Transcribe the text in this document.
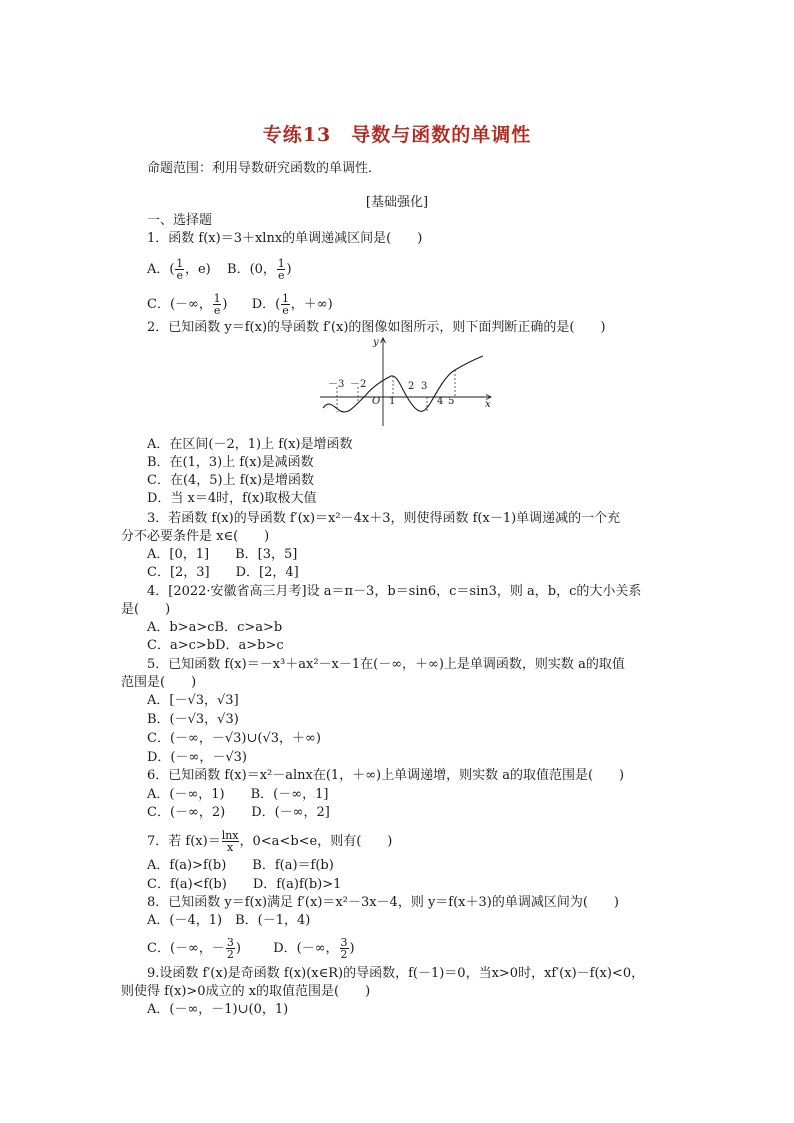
专练13　导数与函数的单调性
命题范围：利用导数研究函数的单调性．
[基础强化]
一、选择题
1．函数 f(x)＝3＋xlnx的单调递减区间是(　　)
A．( $\frac{1}{e}$ ，e) B．(0， $\frac{1}{e}$ )
C．(－∞， $\frac{1}{e}$ ) D．( $\frac{1}{e}$ ，＋∞)
2．已知函数 y＝f(x)的导函数 f′(x)的图像如图所示，则下面判断正确的是(　　)
y
x
O
－3 －2
1
2 3
4 5
A．在区间(－2，1)上 f(x)是增函数
B．在(1，3)上 f(x)是减函数
C．在(4，5)上 f(x)是增函数
D．当 x＝4时，f(x)取极大值
3．若函数 f(x)的导函数 f′(x)＝x²－4x＋3，则使得函数 f(x－1)单调递减的一个充
分不必要条件是 x∈(　　)
A．[0，1]　　B．[3，5]
C．[2，3]　　D．[2，4]
4．[2022·安徽省高三月考]设 a＝π－3，b＝sin6，c＝sin3，则 a，b，c的大小关系
是(　　)
A．b>a>cB．c>a>b
C．a>c>bD．a>b>c
5．已知函数 f(x)＝－x³＋ax²－x－1在(－∞，＋∞)上是单调函数，则实数 a的取值
范围是(　　)
A．[－√3，√3]
B．(－√3，√3)
C．(－∞，－√3)∪(√3，＋∞)
D．(－∞，－√3)
6．已知函数 f(x)＝x²－alnx在(1，＋∞)上单调递增，则实数 a的取值范围是(　　)
A．(－∞，1)　　B．(－∞，1]
C．(－∞，2)　　D．(－∞，2]
7．若 $f(x)= \frac{\ln x}{x}$ ，0<a<b<e，则有(　　)
A．f(a)>f(b)　　B．f(a)＝f(b)
C．f(a)<f(b)　　D．f(a)f(b)>1
8．已知函数 y＝f(x)满足 f′(x)＝x²－3x－4，则 y＝f(x＋3)的单调减区间为(　　)
A．(－4，1)　B．(－1，4)
C．(－∞，－ $\frac{3}{2}$ ) D．(－∞， $\frac{3}{2}$ )
9.设函数 f′(x)是奇函数 f(x)(x∈R)的导函数，f(－1)＝0，当x>0时，xf′(x)－f(x)<0，
则使得 f(x)>0成立的 x的取值范围是(　　)
A．(－∞，－1)∪(0，1)
